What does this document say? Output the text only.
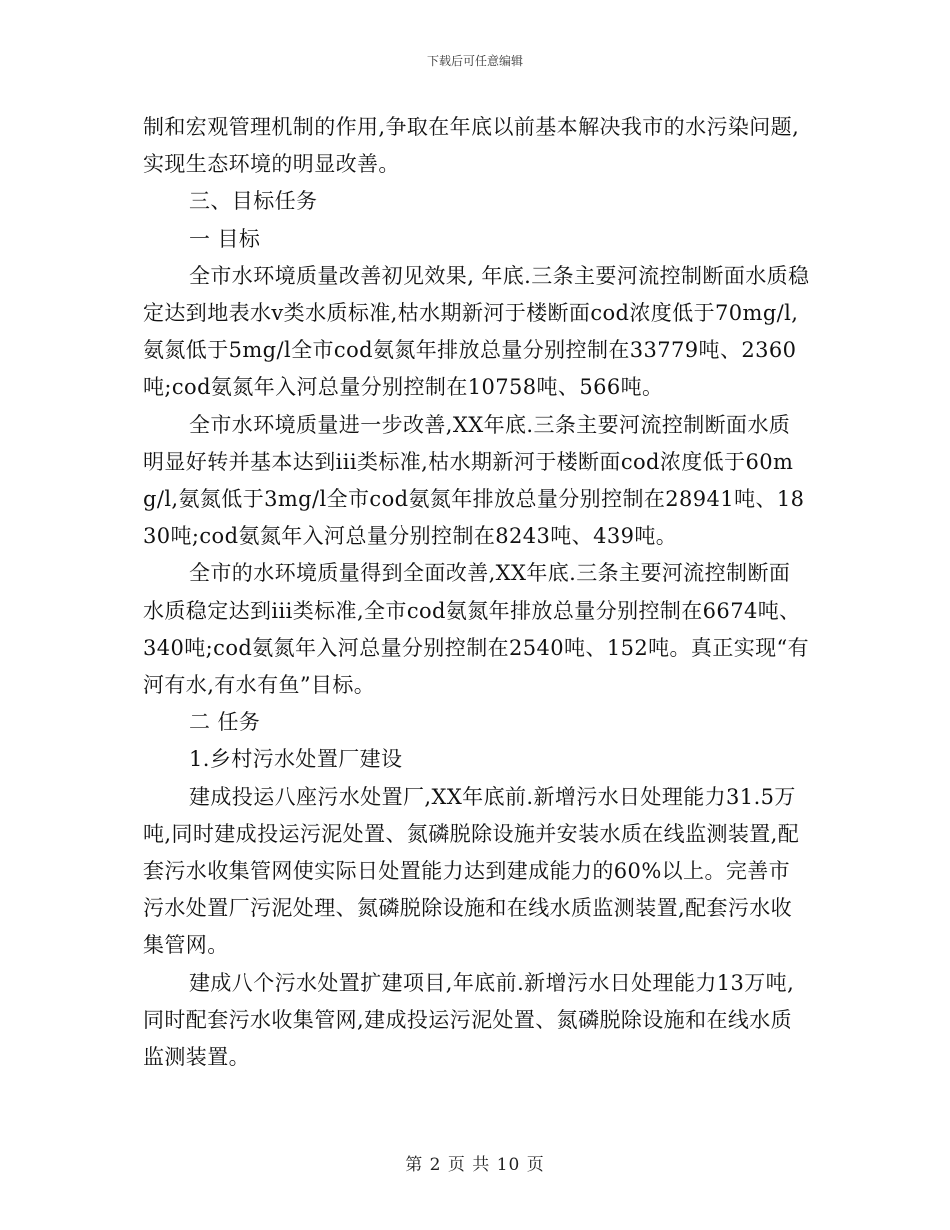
下载后可任意编辑

制和宏观管理机制的作用,争取在年底以前基本解决我市的水污染问题,实现生态环境的明显改善。

三、目标任务

一 目标

全市水环境质量改善初见效果, 年底.三条主要河流控制断面水质稳定达到地表水v类水质标准,枯水期新河于楼断面cod浓度低于70mg/l,氨氮低于5mg/l全市cod氨氮年排放总量分别控制在33779吨、2360吨;cod氨氮年入河总量分别控制在10758吨、566吨。

全市水环境质量进一步改善,XX年底.三条主要河流控制断面水质明显好转并基本达到iii类标准,枯水期新河于楼断面cod浓度低于60mg/l,氨氮低于3mg/l全市cod氨氮年排放总量分别控制在28941吨、1830吨;cod氨氮年入河总量分别控制在8243吨、439吨。

全市的水环境质量得到全面改善,XX年底.三条主要河流控制断面水质稳定达到iii类标准,全市cod氨氮年排放总量分别控制在6674吨、340吨;cod氨氮年入河总量分别控制在2540吨、152吨。真正实现“有河有水,有水有鱼”目标。

二 任务

1.乡村污水处置厂建设

建成投运八座污水处置厂,XX年底前.新增污水日处理能力31.5万吨,同时建成投运污泥处置、氮磷脱除设施并安装水质在线监测装置,配套污水收集管网使实际日处置能力达到建成能力的60%以上。完善市污水处置厂污泥处理、氮磷脱除设施和在线水质监测装置,配套污水收集管网。

建成八个污水处置扩建项目,年底前.新增污水日处理能力13万吨,同时配套污水收集管网,建成投运污泥处置、氮磷脱除设施和在线水质监测装置。

第 2 页 共 10 页
